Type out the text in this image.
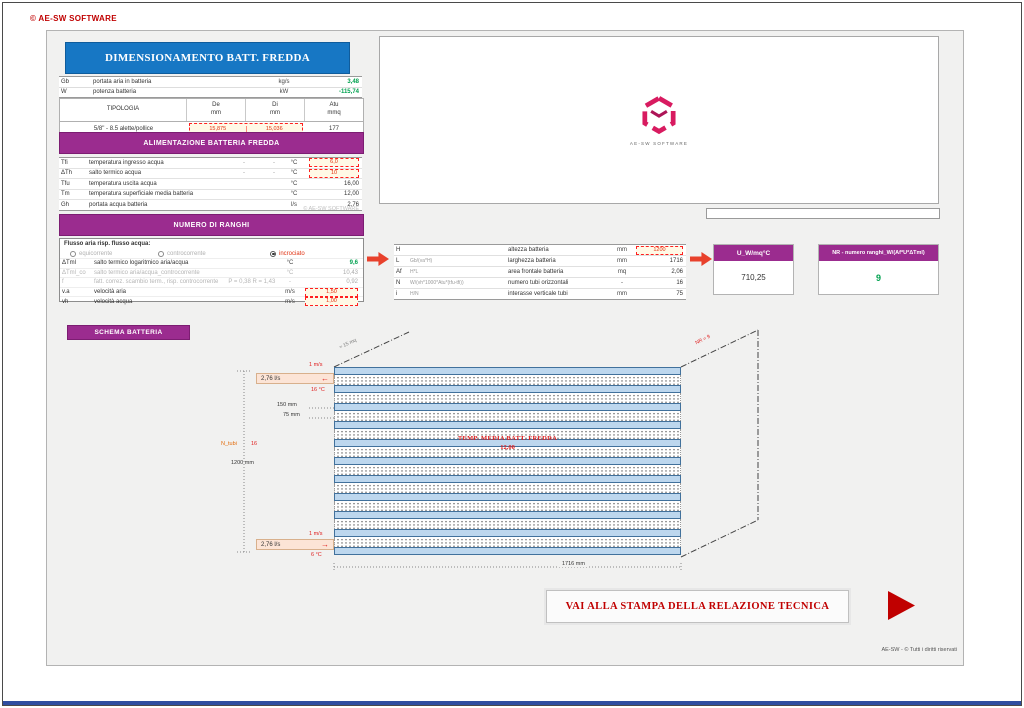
© AE-SW SOFTWARE
DIMENSIONAMENTO BATT. FREDDA
Gb	portata aria in batteria	kg/s	3,48
W	potenza batteria	kW	-115,74
TIPOLOGIA
De
mm
Di
mm
Atu
mmq
5/8" - 8.5 alette/pollice	15,875	15,036	177
ALIMENTAZIONE BATTERIA FREDDA
Tfi	temperatura ingresso acqua	-	-	°C	6,0
ΔTh	salto termico acqua	-	-	°C	10
Tfu	temperatura uscita acqua	°C	16,00
Tm	temperatura superficiale media batteria	°C	12,00
Gh	portata acqua batteria	l/s	2,76
© AE-SW SOFTWARE
NUMERO DI RANGHI
Flusso aria risp. flusso acqua:
equicorrente	controcorrente	incrociato
ΔTml	salto termico logaritmico aria/acqua	°C	9,6
ΔTml_co	salto termico aria/acqua_controcorrente	°C	10,43
f	fatt. correz. scambio term., risp. controcorrente P = 0,38 R = 1,43	-	0,92
v.a	velocità aria	m/s	1,50
vh	velocità acqua	m/s	1,00
H	altezza batteria	mm	1200
L	Gb/(va*H)	larghezza batteria	mm	1716
Af	H*L	area frontale batteria	mq	2,06
N	W/(vh*1000*Atu*(tfu-tfi))	numero tubi orizzontali	-	16
i	H/N	interasse verticale tubi	mm	75
U_W/mq°C
710,25
NR - numero ranghi_W/(Af*U*ΔTml)
9
AE-SW SOFTWARE
SCHEMA BATTERIA
TEMP. MEDIA BATT. FREDDA
12,00
≈ 15 mq	NR = 9
1 m/s
2,76 l/s	←
16 °C
1 m/s
2,76 l/s	→
6 °C
N_tubi	16
1200 mm
150 mm
75 mm
1716 mm
VAI ALLA STAMPA DELLA RELAZIONE TECNICA
AE-SW - © Tutti i diritti riservati
